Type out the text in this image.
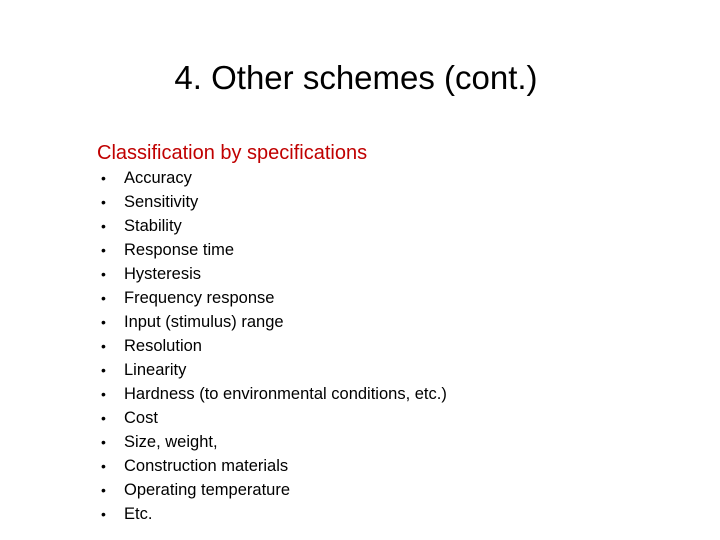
4. Other schemes (cont.)
Classification by specifications
•	Accuracy
•	Sensitivity
•	Stability
•	Response time
•	Hysteresis
•	Frequency response
•	Input (stimulus) range
•	Resolution
•	Linearity
•	Hardness (to environmental conditions, etc.)
•	Cost
•	Size, weight,
•	Construction materials
•	Operating temperature
•	Etc.
